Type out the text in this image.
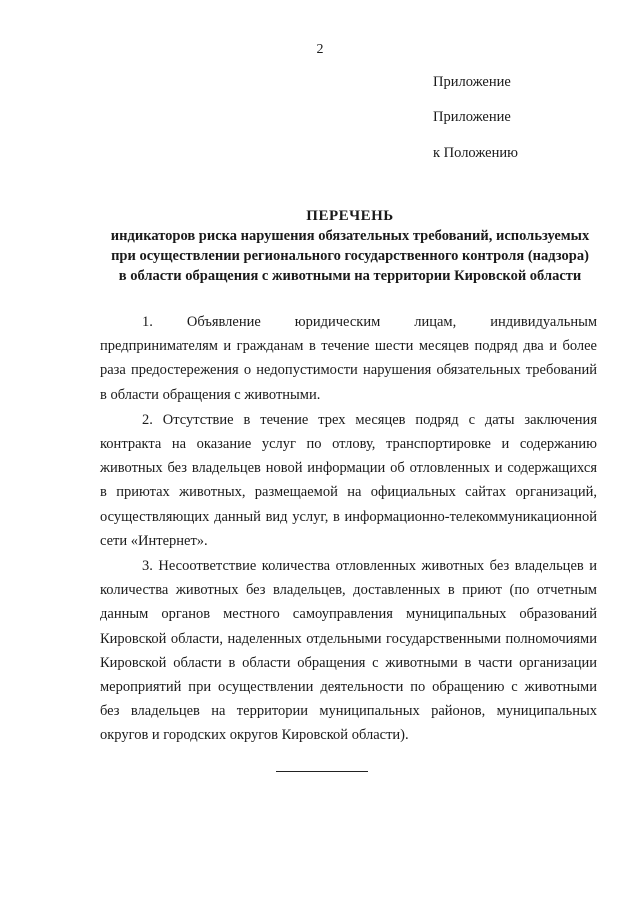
2
Приложение
Приложение
к Положению
ПЕРЕЧЕНЬ
индикаторов риска нарушения обязательных требований, используемых
при осуществлении регионального государственного контроля (надзора)
в области обращения с животными на территории Кировской области

1. Объявление юридическим лицам, индивидуальным предпринимателям и гражданам в течение шести месяцев подряд два и более раза предостережения о недопустимости нарушения обязательных требований в области обращения с животными.

2. Отсутствие в течение трех месяцев подряд с даты заключения контракта на оказание услуг по отлову, транспортировке и содержанию животных без владельцев новой информации об отловленных и содержащихся в приютах животных, размещаемой на официальных сайтах организаций, осуществляющих данный вид услуг, в информационно-телекоммуникационной сети «Интернет».

3. Несоответствие количества отловленных животных без владельцев и количества животных без владельцев, доставленных в приют (по отчетным данным органов местного самоуправления муниципальных образований Кировской области, наделенных отдельными государственными полномочиями Кировской области в области обращения с животными в части организации мероприятий при осуществлении деятельности по обращению с животными без владельцев на территории муниципальных районов, муниципальных округов и городских округов Кировской области).
